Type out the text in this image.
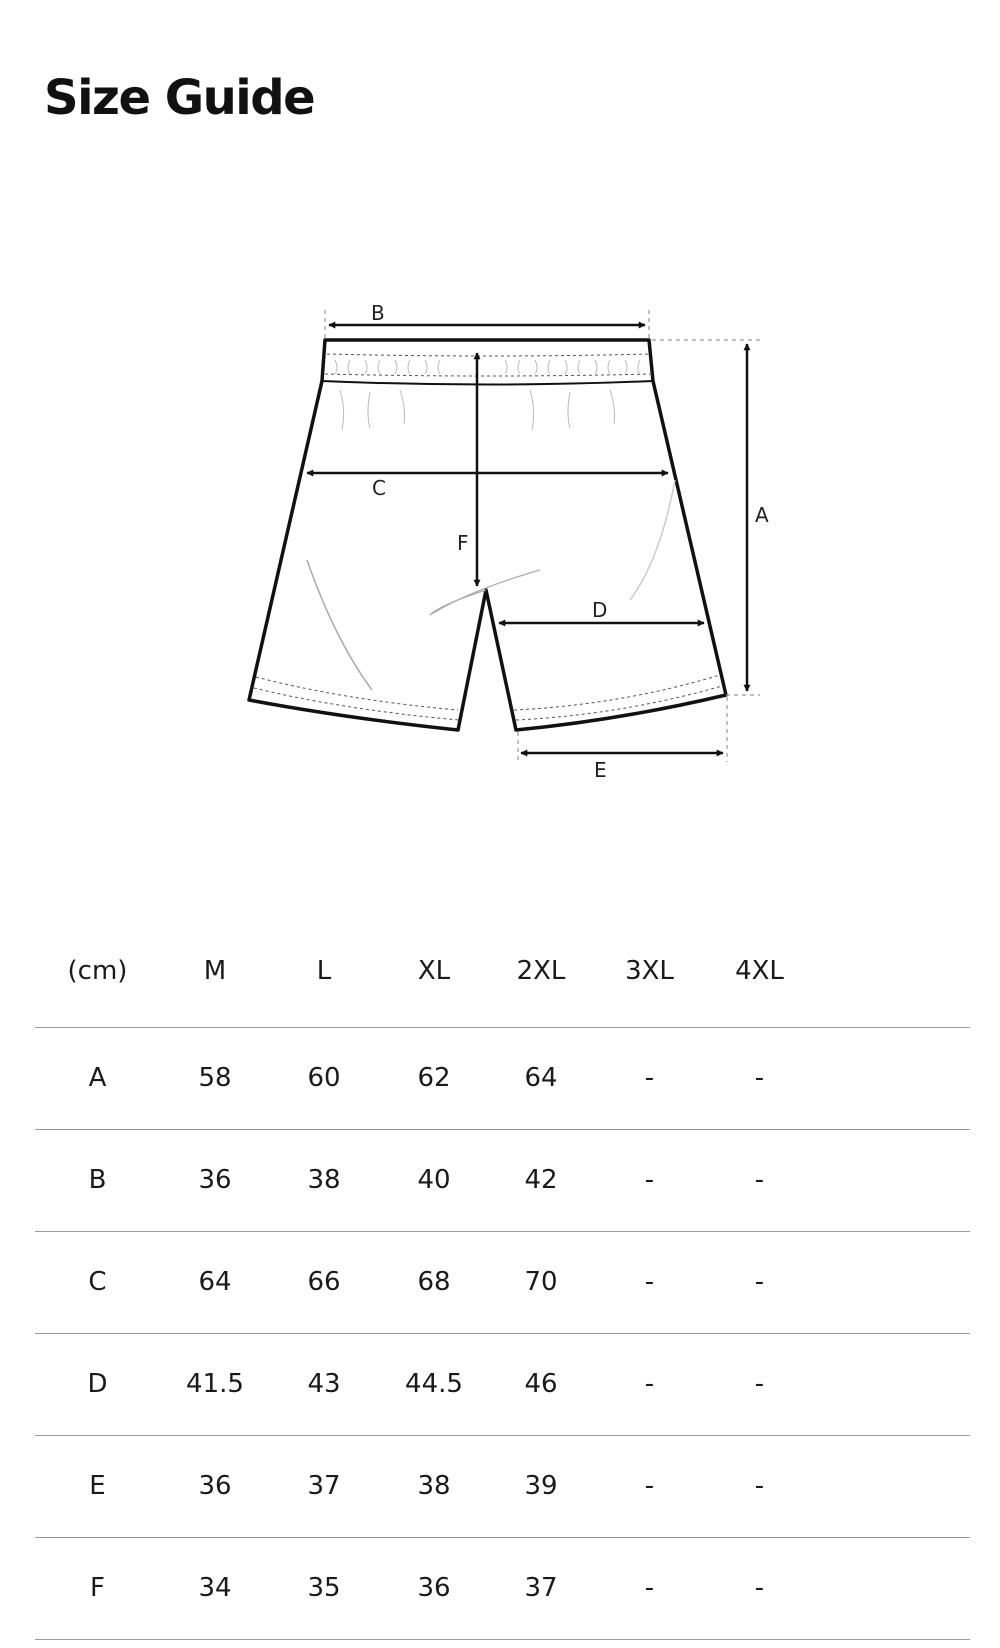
Size Guide
A
B
C
D
E
F
(cm)	M	L	XL	2XL	3XL	4XL	
A	58	60	62	64	-	-	
B	36	38	40	42	-	-	
C	64	66	68	70	-	-	
D	41.5	43	44.5	46	-	-	
E	36	37	38	39	-	-	
F	34	35	36	37	-	-	
